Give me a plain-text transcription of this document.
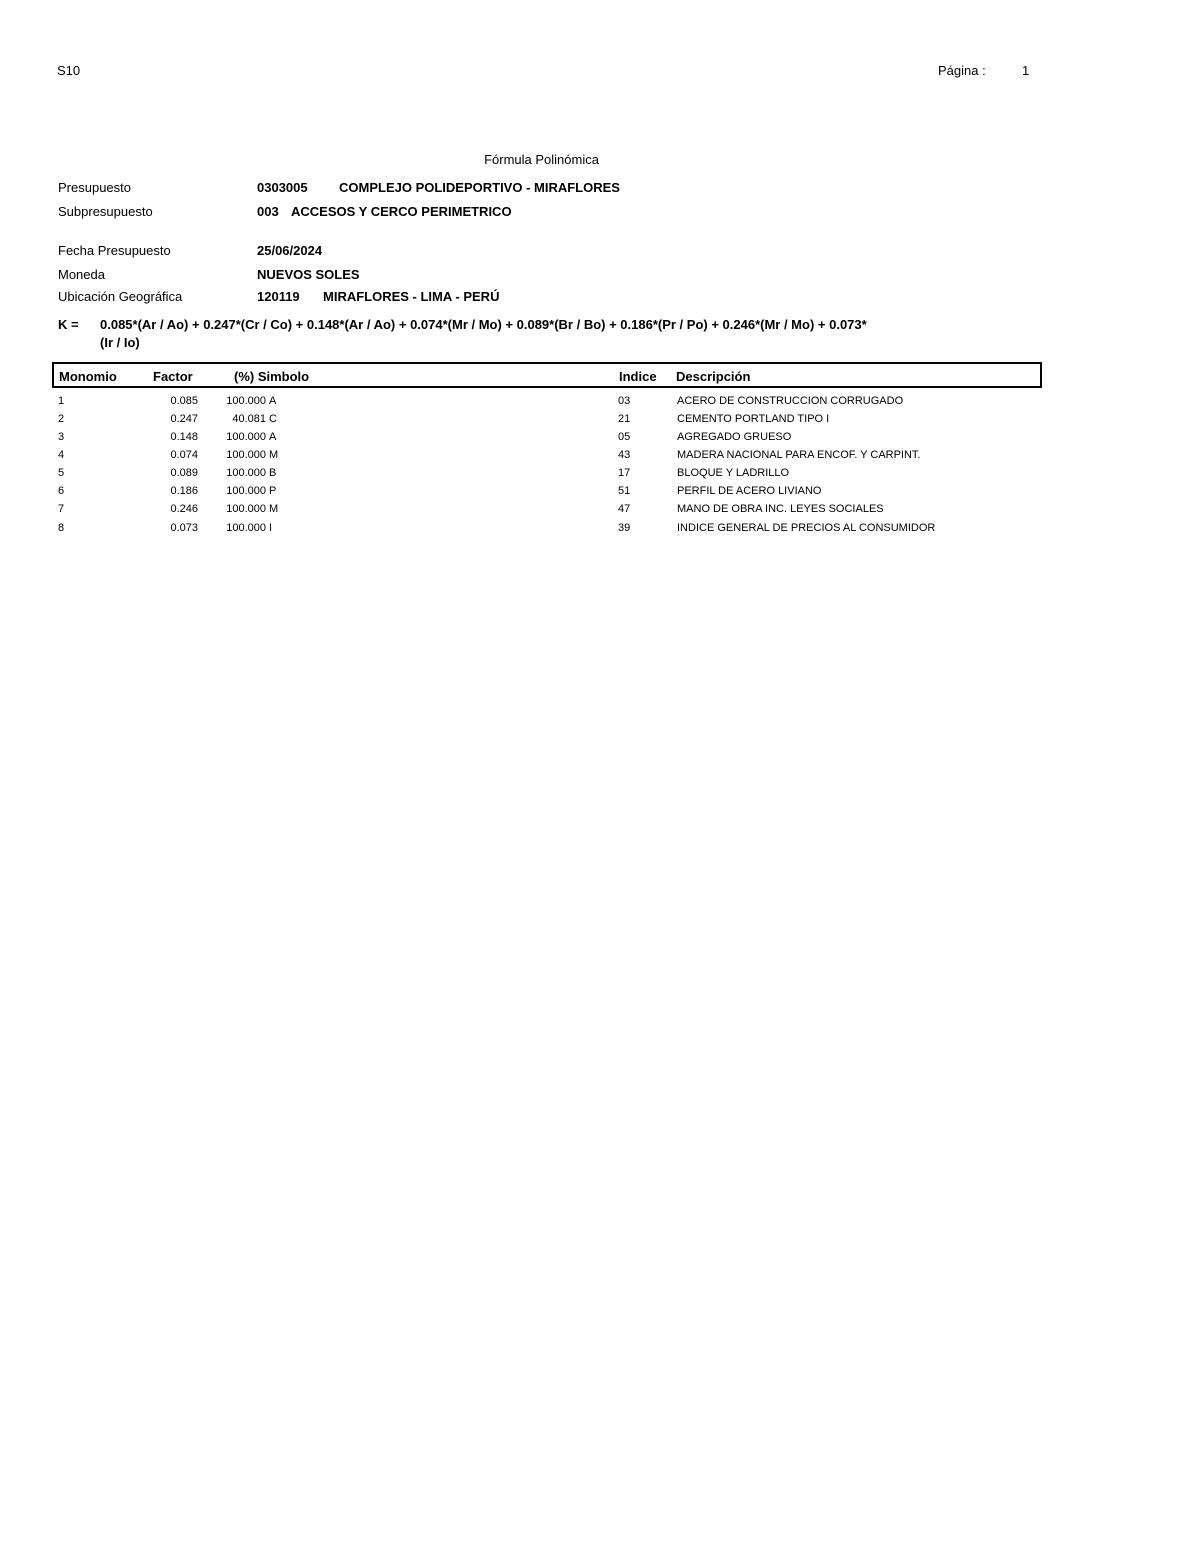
S10	Página :	1
Fórmula Polinómica
Presupuesto	0303005 COMPLEJO POLIDEPORTIVO - MIRAFLORES
Subpresupuesto	003 ACCESOS Y CERCO PERIMETRICO
Fecha Presupuesto	25/06/2024
Moneda	NUEVOS SOLES
Ubicación Geográfica	120119 MIRAFLORES - LIMA - PERÚ
K = 0.085*(Ar / Ao) + 0.247*(Cr / Co) + 0.148*(Ar / Ao) + 0.074*(Mr / Mo) + 0.089*(Br / Bo) + 0.186*(Pr / Po) + 0.246*(Mr / Mo) + 0.073*
(Ir / Io)
Monomio	Factor	(%) Simbolo	Indice Descripción
1	0.085	100.000 A	03	ACERO DE CONSTRUCCION CORRUGADO
2	0.247	40.081 C	21	CEMENTO PORTLAND TIPO I
3	0.148	100.000 A	05	AGREGADO GRUESO
4	0.074	100.000 M	43	MADERA NACIONAL PARA ENCOF. Y CARPINT.
5	0.089	100.000 B	17	BLOQUE Y LADRILLO
6	0.186	100.000 P	51	PERFIL DE ACERO LIVIANO
7	0.246	100.000 M	47	MANO DE OBRA INC. LEYES SOCIALES
8	0.073	100.000 I	39	INDICE GENERAL DE PRECIOS AL CONSUMIDOR
